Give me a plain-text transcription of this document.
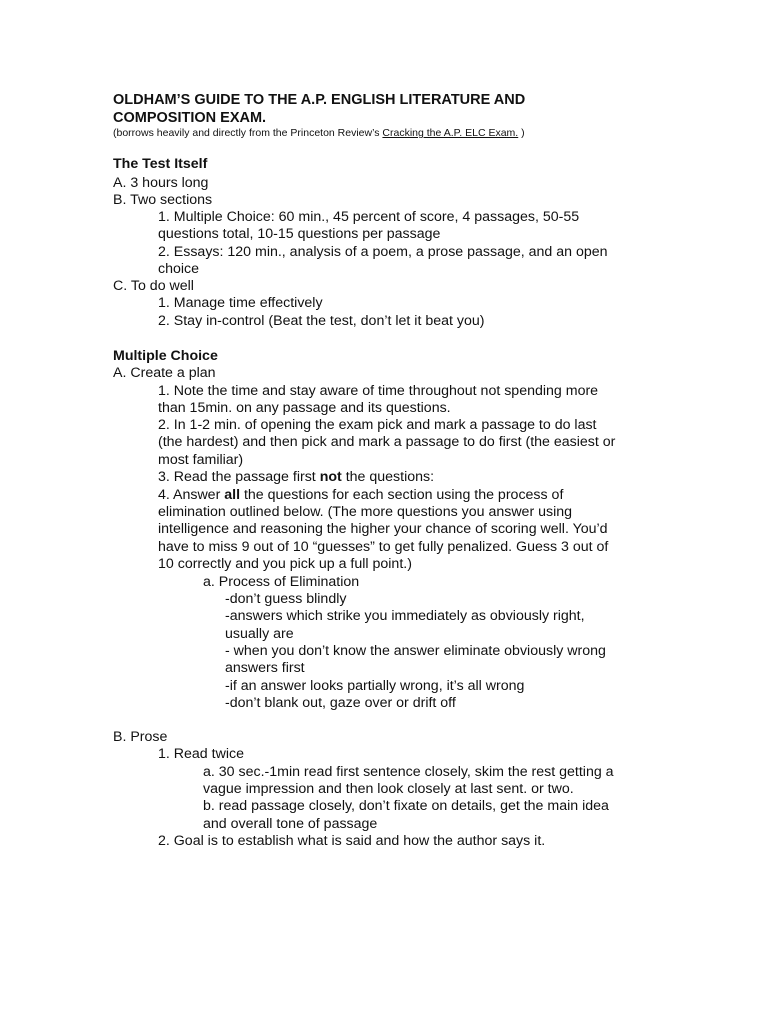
OLDHAM’S GUIDE TO THE A.P. ENGLISH LITERATURE AND
COMPOSITION EXAM.
(borrows heavily and directly from the Princeton Review’s Cracking the A.P. ELC Exam. )
The Test Itself
A. 3 hours long
B. Two sections
1. Multiple Choice: 60 min., 45 percent of score, 4 passages, 50-55
questions total, 10-15 questions per passage
2. Essays: 120 min., analysis of a poem, a prose passage, and an open
choice
C. To do well
1. Manage time effectively
2. Stay in-control (Beat the test, don’t let it beat you)
Multiple Choice
A. Create a plan
1. Note the time and stay aware of time throughout not spending more
than 15min. on any passage and its questions.
2. In 1-2 min. of opening the exam pick and mark a passage to do last
(the hardest) and then pick and mark a passage to do first (the easiest or
most familiar)
3. Read the passage first not the questions:
4. Answer all the questions for each section using the process of
elimination outlined below. (The more questions you answer using
intelligence and reasoning the higher your chance of scoring well. You’d
have to miss 9 out of 10 “guesses” to get fully penalized. Guess 3 out of
10 correctly and you pick up a full point.)
a. Process of Elimination
-don’t guess blindly
-answers which strike you immediately as obviously right,
usually are
- when you don’t know the answer eliminate obviously wrong
answers first
-if an answer looks partially wrong, it’s all wrong
-don’t blank out, gaze over or drift off
B. Prose
1. Read twice
a. 30 sec.-1min read first sentence closely, skim the rest getting a
vague impression and then look closely at last sent. or two.
b. read passage closely, don’t fixate on details, get the main idea
and overall tone of passage
2. Goal is to establish what is said and how the author says it.
